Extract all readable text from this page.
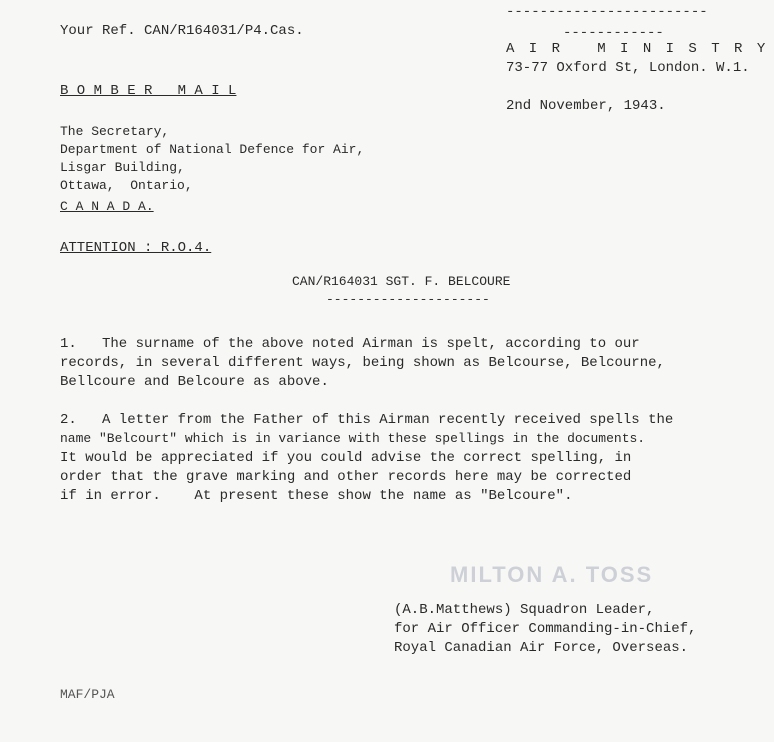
------------------------
------------
Your Ref. CAN/R164031/P4.Cas.
A I R   M I N I S T R Y
73-77 Oxford St, London. W.1.
2nd November, 1943.
B O M B E R   M A I L
The Secretary,
Department of National Defence for Air,
Lisgar Building,
Ottawa,  Ontario,
C A N A D A.
ATTENTION : R.O.4.
CAN/R164031 SGT. F. BELCOURE
---------------------
1.   The surname of the above noted Airman is spelt, according to our
records, in several different ways, being shown as Belcourse, Belcourne,
Bellcoure and Belcoure as above.
2.   A letter from the Father of this Airman recently received spells the
name "Belcourt" which is in variance with these spellings in the documents.
It would be appreciated if you could advise the correct spelling, in
order that the grave marking and other records here may be corrected
if in error.    At present these show the name as "Belcoure".
MILTON A. TOSS
(A.B.Matthews) Squadron Leader,
for Air Officer Commanding-in-Chief,
Royal Canadian Air Force, Overseas.
MAF/PJA
